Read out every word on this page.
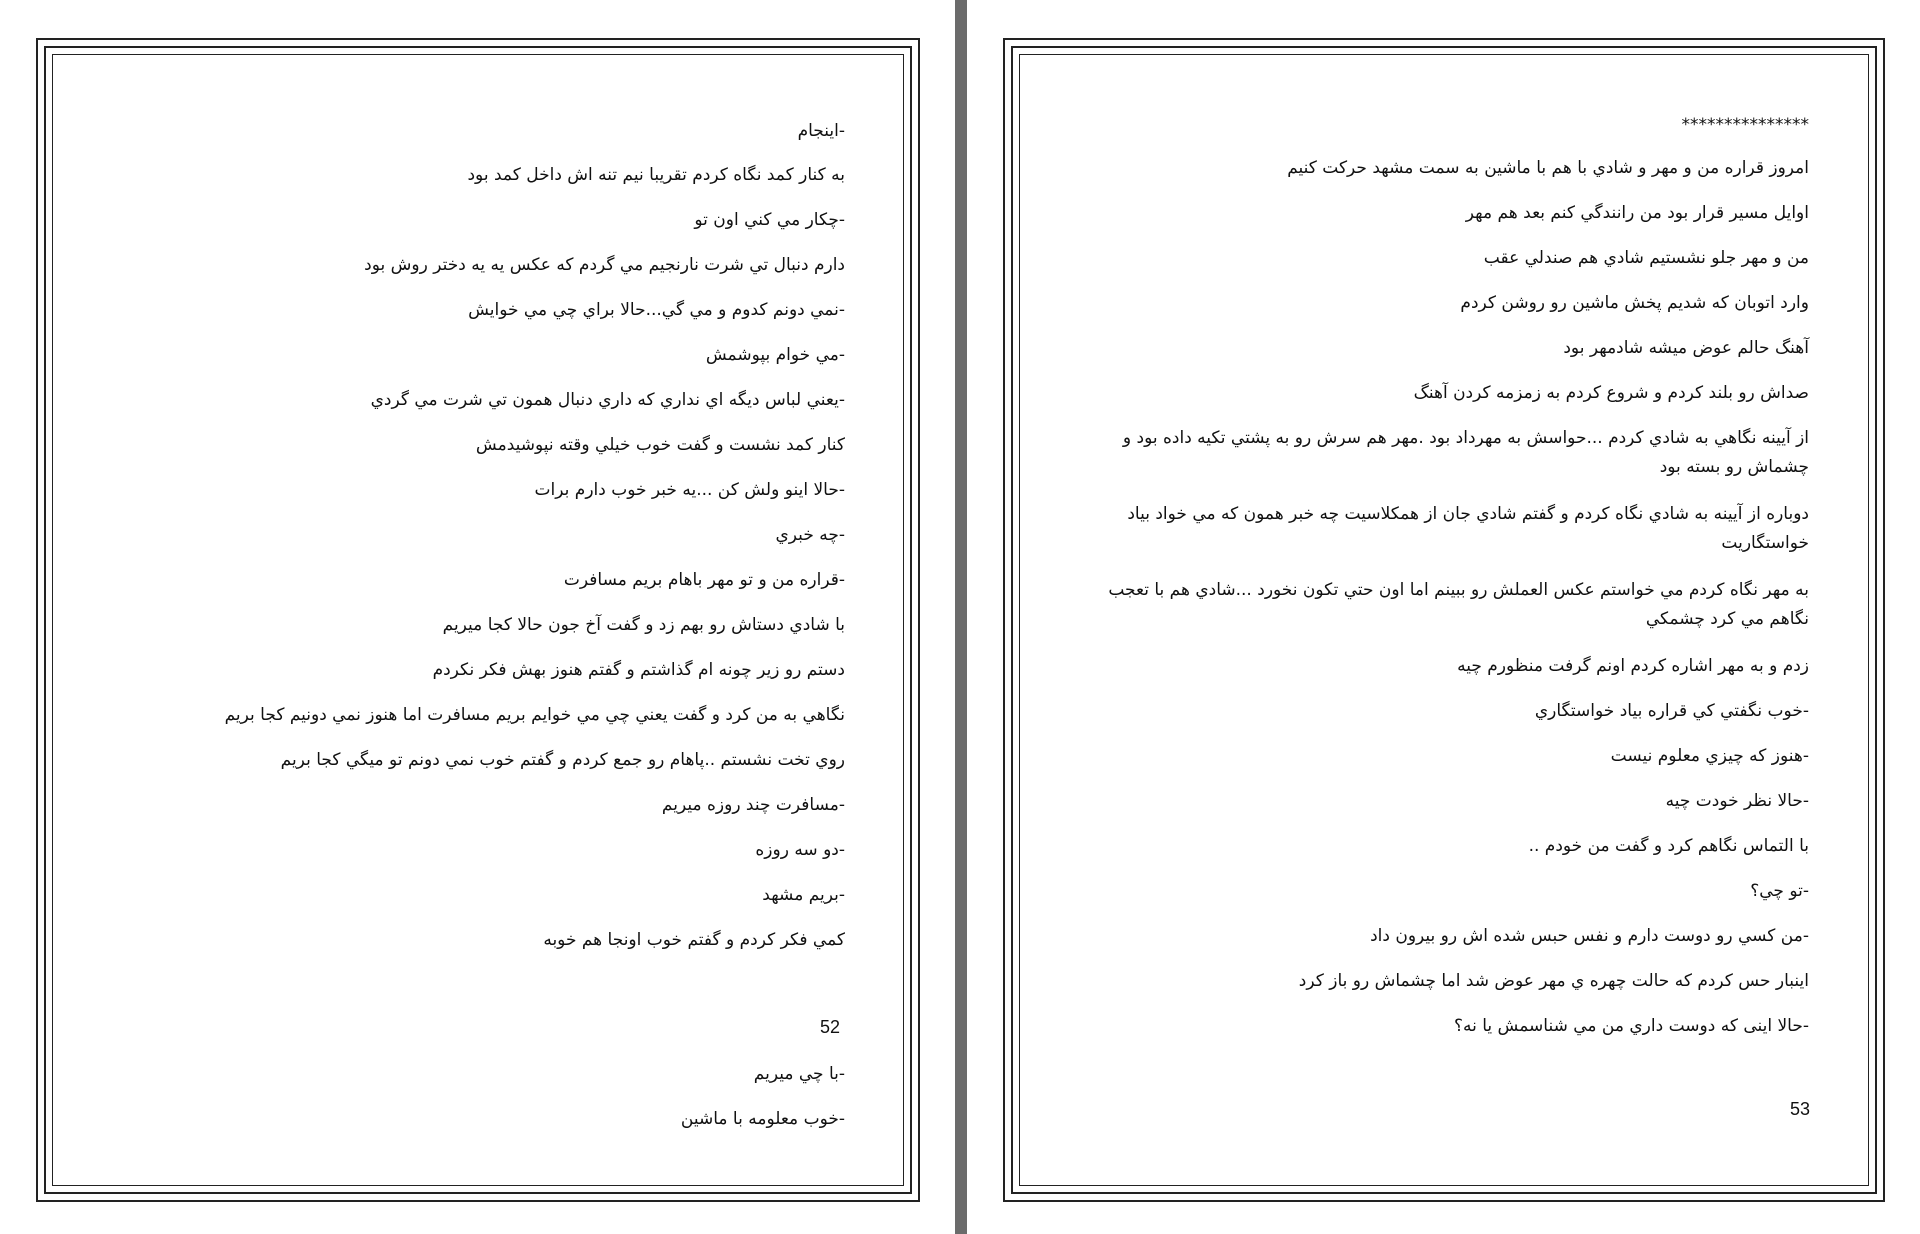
-اينجام
به كنار كمد نگاه كردم تقريبا نيم تنه اش داخل كمد بود
-چكار مي كني اون تو
دارم دنبال تي شرت نارنجيم مي گردم كه عكس يه يه دختر روش بود
-نمي دونم كدوم و مي گي...حالا براي چي مي خوايش
-مي خوام بپوشمش
-يعني لباس ديگه اي نداري كه داري دنبال همون تي شرت مي گردي
كنار كمد نشست و گفت خوب خيلي وقته نپوشيدمش
-حالا اينو ولش كن ...يه خبر خوب دارم برات
-چه خبري
-قراره من و تو مهر باهام بريم مسافرت
با شادي دستاش رو بهم زد و گفت آخ جون حالا كجا ميريم
دستم رو زير چونه ام گذاشتم و گفتم هنوز بهش فكر نكردم
نگاهي به من كرد و گفت يعني چي مي خوايم بريم مسافرت اما هنوز نمي دونيم كجا بريم
روي تخت نشستم ..پاهام رو جمع كردم و گفتم خوب نمي دونم تو ميگي كجا بريم
-مسافرت چند روزه ميريم
-دو سه روزه
-بريم مشهد
كمي فكر كردم و گفتم خوب اونجا هم خوبه
52
-با چي ميريم
-خوب معلومه با ماشين
***************
امروز قراره من و مهر و شادي با هم با ماشين به سمت مشهد حركت كنيم
اوايل مسير قرار بود من رانندگي كنم بعد هم مهر
من و مهر جلو نشستيم شادي هم صندلي عقب
وارد اتوبان كه شديم پخش ماشين رو روشن كردم
آهنگ حالم عوض ميشه شادمهر بود
صداش رو بلند كردم و شروع كردم به زمزمه كردن آهنگ
از آيينه نگاهي به شادي كردم ...حواسش به مهرداد بود .مهر هم سرش رو به پشتي تكيه داده بود و چشماش رو بسته بود
دوباره از آيينه به شادي نگاه كردم و گفتم شادي جان از همكلاسيت چه خبر همون كه مي خواد بياد خواستگاريت
به مهر نگاه كردم مي خواستم عكس العملش رو ببينم اما اون حتي تكون نخورد ...شادي هم با تعجب نگاهم مي كرد چشمكي
زدم و به مهر اشاره كردم اونم گرفت منظورم چيه
-خوب نگفتي كي قراره بياد خواستگاري
-هنوز كه چيزي معلوم نيست
-حالا نظر خودت چيه
با التماس نگاهم كرد و گفت من خودم ..
-تو چي؟
-من كسي رو دوست دارم و نفس حبس شده اش رو بيرون داد
اينبار حس كردم كه حالت چهره ي مهر عوض شد اما چشماش رو باز كرد
-حالا اينى كه دوست داري من مي شناسمش يا نه؟
53
